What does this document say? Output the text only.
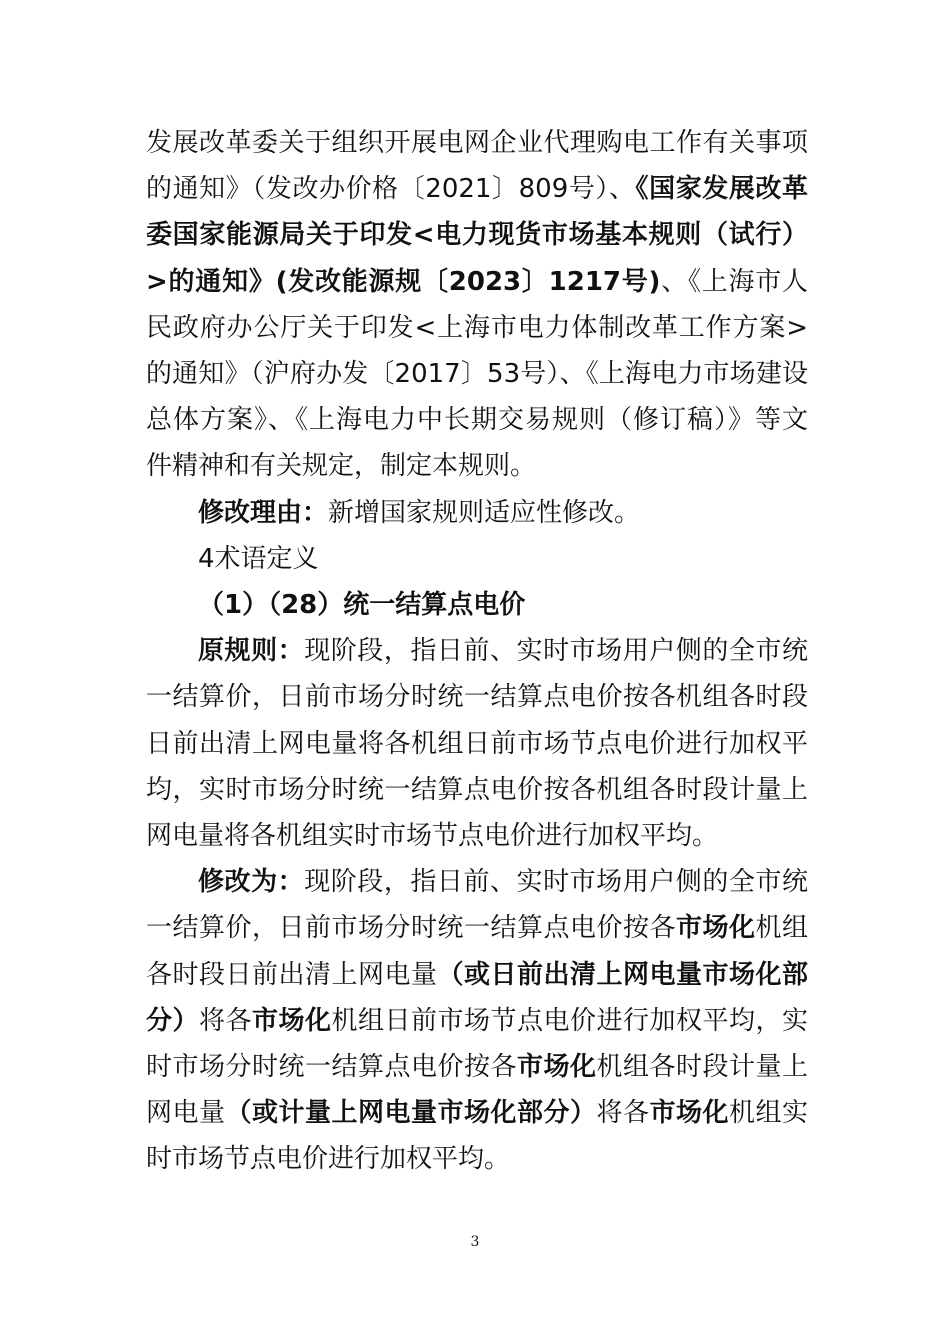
发展改革委关于组织开展电网企业代理购电工作有关事项的通知》（发改办价格〔2021〕809号）、《国家发展改革委国家能源局关于印发<电力现货市场基本规则（试行）>的通知》(发改能源规〔2023〕1217号)、《上海市人民政府办公厅关于印发<上海市电力体制改革工作方案>的通知》（沪府办发〔2017〕53号）、《上海电力市场建设总体方案》、《上海电力中长期交易规则（修订稿）》等文件精神和有关规定，制定本规则。

修改理由：新增国家规则适应性修改。

4术语定义

（1）（28）统一结算点电价

原规则：现阶段，指日前、实时市场用户侧的全市统一结算价，日前市场分时统一结算点电价按各机组各时段日前出清上网电量将各机组日前市场节点电价进行加权平均，实时市场分时统一结算点电价按各机组各时段计量上网电量将各机组实时市场节点电价进行加权平均。

修改为：现阶段，指日前、实时市场用户侧的全市统一结算价，日前市场分时统一结算点电价按各市场化机组各时段日前出清上网电量（或日前出清上网电量市场化部分）将各市场化机组日前市场节点电价进行加权平均，实时市场分时统一结算点电价按各市场化机组各时段计量上网电量（或计量上网电量市场化部分）将各市场化机组实时市场节点电价进行加权平均。

3
